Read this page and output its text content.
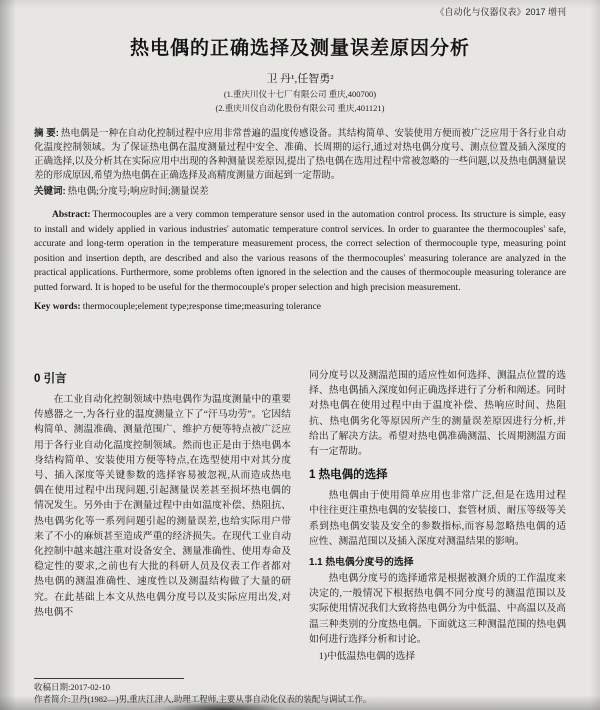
《自动化与仪器仪表》2017 增刊
热电偶的正确选择及测量误差原因分析
卫 丹¹,任智勇²
(1.重庆川仪十七厂有限公司 重庆,400700)
(2.重庆川仪自动化股份有限公司 重庆,401121)

摘 要: 热电偶是一种在自动化控制过程中应用非常普遍的温度传感设备。其结构简单、安装使用方便而被广泛应用于各行业自动化温度控制领域。为了保证热电偶在温度测量过程中安全、准确、长周期的运行,通过对热电偶分度号、测点位置及插入深度的正确选择,以及分析其在实际应用中出现的各种测量误差原因,提出了热电偶在选用过程中常被忽略的一些问题,以及热电偶测量误差的形成原因,希望为热电偶在正确选择及高精度测量方面起到一定帮助。

关键词: 热电偶;分度号;响应时间;测量误差

Abstract: Thermocouples are a very common temperature sensor used in the automation control process. Its structure is simple, easy to install and widely applied in various industries' automatic temperature control services. In order to guarantee the thermocouples' safe, accurate and long-term operation in the temperature measurement process, the correct selection of thermocouple type, measuring point position and insertion depth, are described and also the various reasons of the thermocouples' measuring tolerance are analyzed in the practical applications. Furthermore, some problems often ignored in the selection and the causes of thermocouple measuring tolerance are putted forward. It is hoped to be useful for the thermocouple's proper selection and high precision measurement.

Key words: thermocouple;element type;response time;measuring tolerance

0 引言

在工业自动化控制领域中热电偶作为温度测量中的重要传感器之一,为各行业的温度测量立下了“汗马功劳”。它因结构简单、测温准确、测量范围广、维护方便等特点被广泛应用于各行业自动化温度控制领域。然而也正是由于热电偶本身结构简单、安装使用方便等特点,在选型使用中对其分度号、插入深度等关键参数的选择容易被忽视,从而造成热电偶在使用过程中出现问题,引起测量误差甚至损坏热电偶的情况发生。另外由于在测量过程中由如温度补偿、热阻抗、热电偶劣化等一系列问题引起的测量误差,也给实际用户带来了不小的麻烦甚至造成严重的经济损失。在现代工业自动化控制中越来越注重对设备安全、测量准确性、使用寿命及稳定性的要求,之前也有大批的科研人员及仪表工作者都对热电偶的测温准确性、速度性以及测温结构做了大量的研究。在此基础上本文从热电偶分度号以及实际应用出发,对热电偶不

同分度号以及测温范围的适应性如何选择、测温点位置的选择、热电偶插入深度如何正确选择进行了分析和阐述。同时对热电偶在使用过程中由于温度补偿、热响应时间、热阻抗、热电偶劣化等原因所产生的测量误差原因进行分析,并给出了解决方法。希望对热电偶准确测温、长周期测温方面有一定帮助。

1 热电偶的选择

热电偶由于使用简单应用也非常广泛,但是在选用过程中往往更注重热电偶的安装接口、套管材质、耐压等级等关系到热电偶安装及安全的参数指标,而容易忽略热电偶的适应性、测温范围以及插入深度对测温结果的影响。

1.1 热电偶分度号的选择

热电偶分度号的选择通常是根据被测介质的工作温度来决定的,一般情况下根据热电偶不同分度号的测温范围以及实际使用情况我们大致将热电偶分为中低温、中高温以及高温三种类别的分度热电偶。下面就这三种测温范围的热电偶如何进行选择分析和讨论。

1)中低温热电偶的选择

收稿日期:2017-02-10
作者简介:卫丹(1982—)男,重庆江津人,助理工程师,主要从事自动化仪表的装配与调试工作。
